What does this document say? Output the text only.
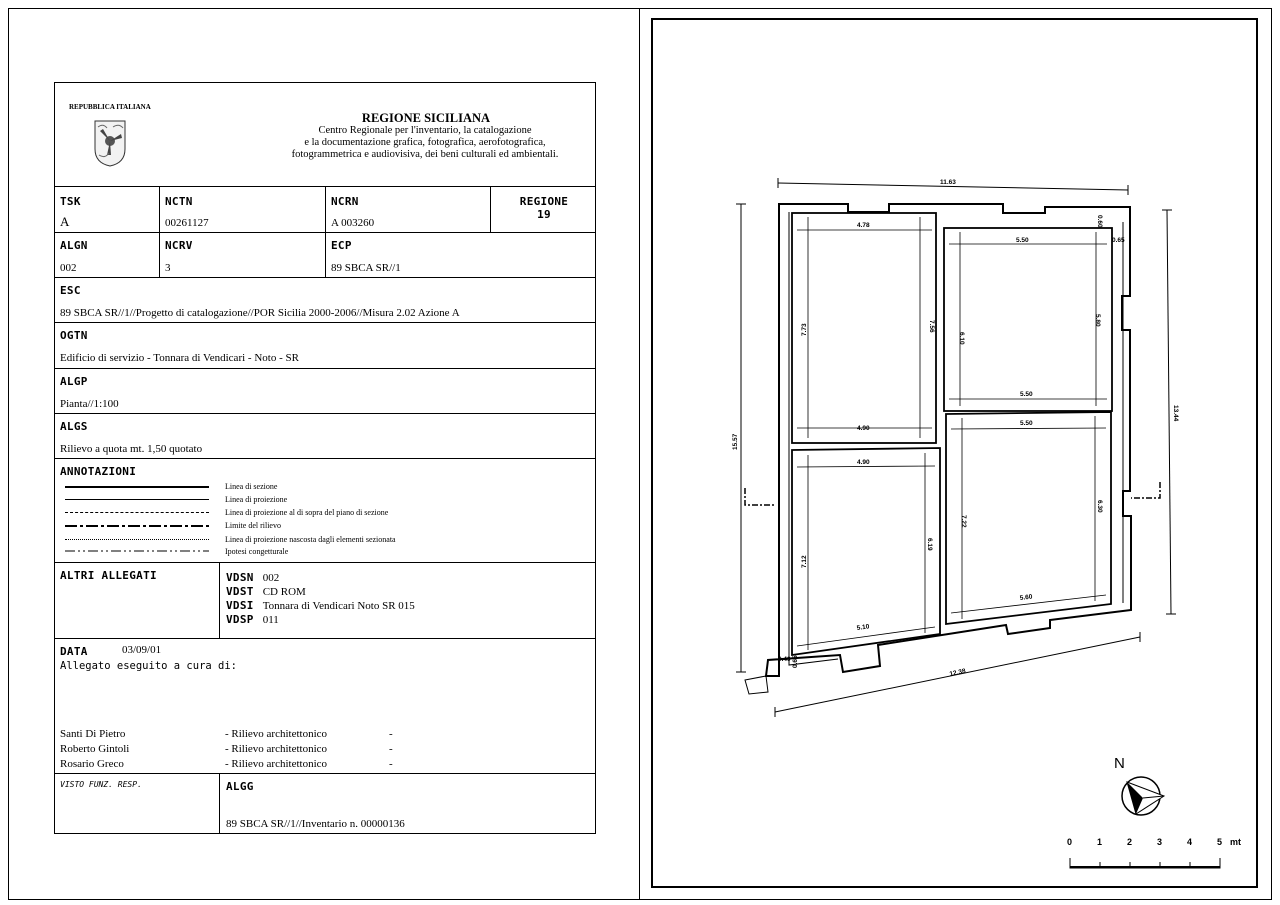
REPUBBLICA ITALIANA
REGIONE SICILIANA
Centro Regionale per l'inventario, la catalogazione
e la documentazione grafica, fotografica, aerofotografica,
fotogrammetrica e audiovisiva, dei beni culturali ed ambientali.
TSK
A
NCTN
00261127
NCRN
A 003260
REGIONE
19
ALGN
002
NCRV
3
ECP
89 SBCA SR//1
ESC
89 SBCA SR//1//Progetto di catalogazione//POR Sicilia 2000-2006//Misura 2.02 Azione A
OGTN
Edificio di servizio - Tonnara di Vendicari - Noto - SR
ALGP
Pianta//1:100
ALGS
Rilievo a quota mt. 1,50 quotato
ANNOTAZIONI
Linea di sezione
Linea di proiezione
Linea di proiezione al di sopra del piano di sezione
Limite del rilievo
Linea di proiezione nascosta dagli elementi sezionata
Ipotesi congetturale
ALTRI ALLEGATI	VDSN 002
VDST CD ROM
VDSI Tonnara di Vendicari Noto SR 015
VDSP 011
DATA	03/09/01
Allegato eseguito a cura di:
Santi Di Pietro	- Rilievo architettonico	-
Roberto Gintoli	- Rilievo architettonico	-
Rosario Greco	- Rilievo architettonico	-
VISTO FUNZ. RESP.	ALGG
89 SBCA SR//1//Inventario n. 00000136
11.63
12.38
15.57
13.44
4.78
7.73	7.56
4.90
5.50
6.10
5.80
5.50
4.90
7.12
6.19
5.10
5.50
7.22
6.30
5.60
0.65
0.60
0.40 0.65
N
0	1	2	3	4	5 mt
